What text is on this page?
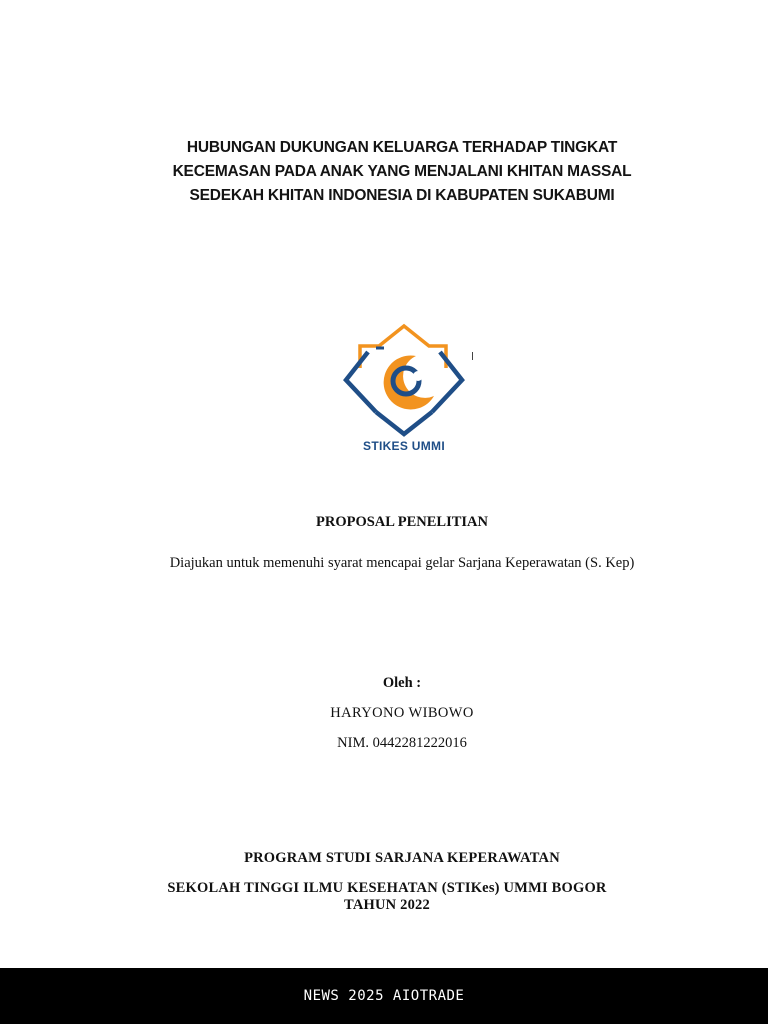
HUBUNGAN DUKUNGAN KELUARGA TERHADAP TINGKAT
KECEMASAN PADA ANAK YANG MENJALANI KHITAN MASSAL
SEDEKAH KHITAN INDONESIA DI KABUPATEN SUKABUMI
STIKES UMMI
PROPOSAL PENELITIAN
Diajukan untuk memenuhi syarat mencapai gelar Sarjana Keperawatan (S. Kep)
Oleh :
HARYONO WIBOWO
NIM. 0442281222016
PROGRAM STUDI SARJANA KEPERAWATAN
SEKOLAH TINGGI ILMU KESEHATAN (STIKes) UMMI BOGOR
TAHUN 2022
NEWS 2025 AIOTRADE
